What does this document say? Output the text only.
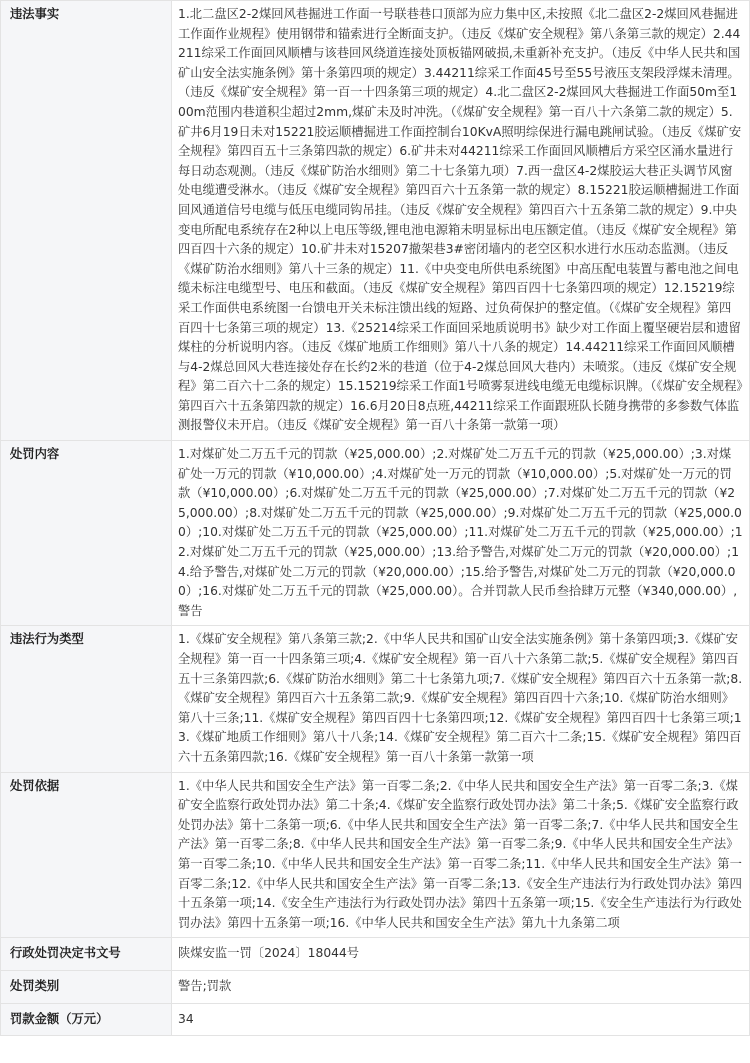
违法事实	1.北二盘区2-2煤回风巷掘进工作面一号联巷巷口顶部为应力集中区,未按照《北二盘区2-2煤回风巷掘进工作面作业规程》使用钢带和锚索进行全断面支护。（违反《煤矿安全规程》第八条第三款的规定）2.44211综采工作面回风顺槽与该巷回风绕道连接处顶板锚网破损,未重新补充支护。（违反《中华人民共和国矿山安全法实施条例》第十条第四项的规定）3.44211综采工作面45号至55号液压支架段浮煤未清理。（违反《煤矿安全规程》第一百一十四条第三项的规定）4.北二盘区2-2煤回风大巷掘进工作面50m至100m范围内巷道积尘超过2mm,煤矿未及时冲洗。（《煤矿安全规程》第一百八十六条第二款的规定）5.矿井6月19日未对15221胶运顺槽掘进工作面控制台10KvA照明综保进行漏电跳闸试验。（违反《煤矿安全规程》第四百五十三条第四款的规定）6.矿井未对44211综采工作面回风顺槽后方采空区涌水量进行每日动态观测。（违反《煤矿防治水细则》第二十七条第九项）7.西一盘区4-2煤胶运大巷正头调节风窗处电缆遭受淋水。（违反《煤矿安全规程》第四百六十五条第一款的规定）8.15221胶运顺槽掘进工作面回风通道信号电缆与低压电缆同钩吊挂。（违反《煤矿安全规程》第四百六十五条第二款的规定）9.中央变电所配电系统存在2种以上电压等级,锂电池电源箱未明显标出电压额定值。（违反《煤矿安全规程》第四百四十六条的规定）10.矿井未对15207撤架巷3#密闭墙内的老空区积水进行水压动态监测。（违反《煤矿防治水细则》第八十三条的规定）11.《中央变电所供电系统图》中高压配电装置与蓄电池之间电缆未标注电缆型号、电压和截面。（违反《煤矿安全规程》第四百四十七条第四项的规定）12.15219综采工作面供电系统图一台馈电开关未标注馈出线的短路、过负荷保护的整定值。（《煤矿安全规程》第四百四十七条第三项的规定）13.《25214综采工作面回采地质说明书》缺少对工作面上覆坚硬岩层和遗留煤柱的分析说明内容。（违反《煤矿地质工作细则》第八十八条的规定）14.44211综采工作面回风顺槽与4-2煤总回风大巷连接处存在长约2米的巷道（位于4-2煤总回风大巷内）未喷浆。（违反《煤矿安全规程》第二百六十二条的规定）15.15219综采工作面1号喷雾泵进线电缆无电缆标识牌。（《煤矿安全规程》第四百六十五条第四款的规定）16.6月20日8点班,44211综采工作面跟班队长随身携带的多参数气体监测报警仪未开启。（违反《煤矿安全规程》第一百八十条第一款第一项）
处罚内容	1.对煤矿处二万五千元的罚款（¥25,000.00）;2.对煤矿处二万五千元的罚款（¥25,000.00）;3.对煤矿处一万元的罚款（¥10,000.00）;4.对煤矿处一万元的罚款（¥10,000.00）;5.对煤矿处一万元的罚款（¥10,000.00）;6.对煤矿处二万五千元的罚款（¥25,000.00）;7.对煤矿处二万五千元的罚款（¥25,000.00）;8.对煤矿处二万五千元的罚款（¥25,000.00）;9.对煤矿处二万五千元的罚款（¥25,000.00）;10.对煤矿处二万五千元的罚款（¥25,000.00）;11.对煤矿处二万五千元的罚款（¥25,000.00）;12.对煤矿处二万五千元的罚款（¥25,000.00）;13.给予警告,对煤矿处二万元的罚款（¥20,000.00）;14.给予警告,对煤矿处二万元的罚款（¥20,000.00）;15.给予警告,对煤矿处二万元的罚款（¥20,000.00）;16.对煤矿处二万五千元的罚款（¥25,000.00）。合并罚款人民币叁拾肆万元整（¥340,000.00）,警告
违法行为类型	1.《煤矿安全规程》第八条第三款;2.《中华人民共和国矿山安全法实施条例》第十条第四项;3.《煤矿安全规程》第一百一十四条第三项;4.《煤矿安全规程》第一百八十六条第二款;5.《煤矿安全规程》第四百五十三条第四款;6.《煤矿防治水细则》第二十七条第九项;7.《煤矿安全规程》第四百六十五条第一款;8.《煤矿安全规程》第四百六十五条第二款;9.《煤矿安全规程》第四百四十六条;10.《煤矿防治水细则》第八十三条;11.《煤矿安全规程》第四百四十七条第四项;12.《煤矿安全规程》第四百四十七条第三项;13.《煤矿地质工作细则》第八十八条;14.《煤矿安全规程》第二百六十二条;15.《煤矿安全规程》第四百六十五条第四款;16.《煤矿安全规程》第一百八十条第一款第一项
处罚依据	1.《中华人民共和国安全生产法》第一百零二条;2.《中华人民共和国安全生产法》第一百零二条;3.《煤矿安全监察行政处罚办法》第二十条;4.《煤矿安全监察行政处罚办法》第二十条;5.《煤矿安全监察行政处罚办法》第十二条第一项;6.《中华人民共和国安全生产法》第一百零二条;7.《中华人民共和国安全生产法》第一百零二条;8.《中华人民共和国安全生产法》第一百零二条;9.《中华人民共和国安全生产法》第一百零二条;10.《中华人民共和国安全生产法》第一百零二条;11.《中华人民共和国安全生产法》第一百零二条;12.《中华人民共和国安全生产法》第一百零二条;13.《安全生产违法行为行政处罚办法》第四十五条第一项;14.《安全生产违法行为行政处罚办法》第四十五条第一项;15.《安全生产违法行为行政处罚办法》第四十五条第一项;16.《中华人民共和国安全生产法》第九十九条第二项
行政处罚决定书文号	陕煤安监一罚〔2024〕18044号
处罚类别	警告;罚款
罚款金额（万元）	34
